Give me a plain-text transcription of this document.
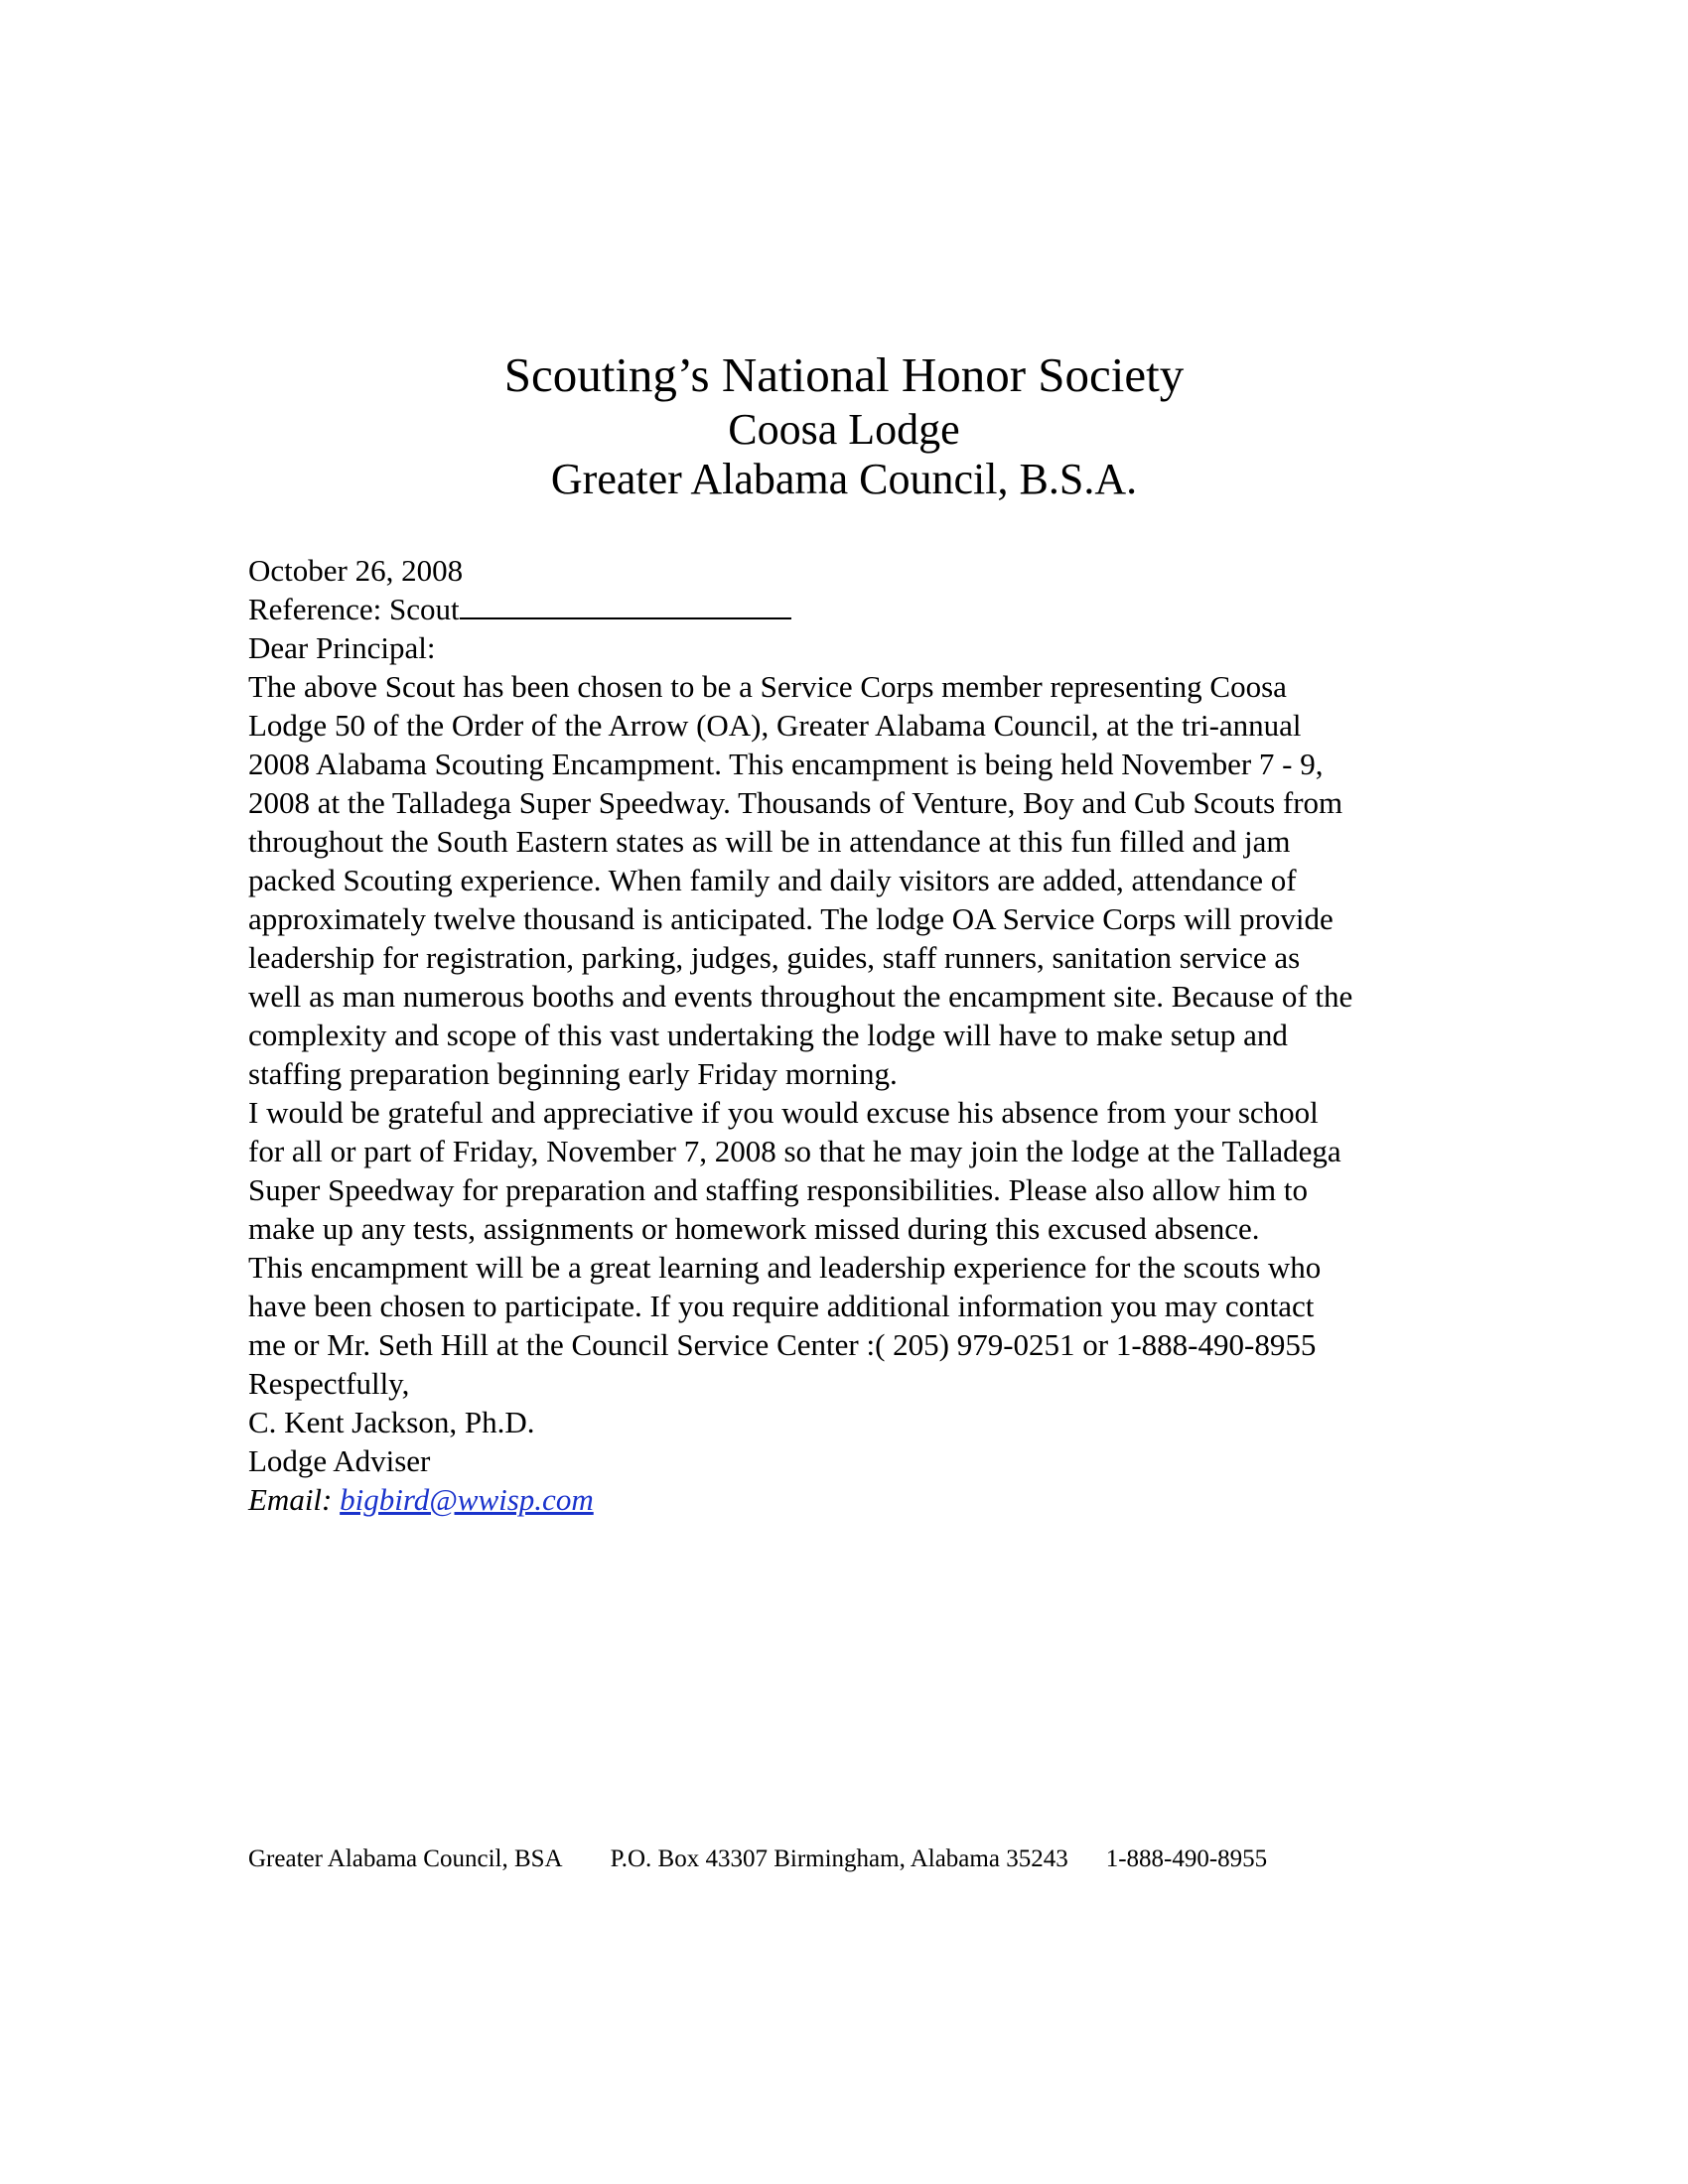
Scouting’s National Honor Society
Coosa Lodge
Greater Alabama Council, B.S.A.

October 26, 2008

Reference: Scout

Dear Principal:

The above Scout has been chosen to be a Service Corps member representing Coosa
Lodge 50 of the Order of the Arrow (OA), Greater Alabama Council, at the tri-annual
2008 Alabama Scouting Encampment. This encampment is being held November 7 - 9,
2008 at the Talladega Super Speedway. Thousands of Venture, Boy and Cub Scouts from
throughout the South Eastern states as will be in attendance at this fun filled and jam
packed Scouting experience. When family and daily visitors are added, attendance of
approximately twelve thousand is anticipated. The lodge OA Service Corps will provide
leadership for registration, parking, judges, guides, staff runners, sanitation service as
well as man numerous booths and events throughout the encampment site. Because of the
complexity and scope of this vast undertaking the lodge will have to make setup and
staffing preparation beginning early Friday morning.

I would be grateful and appreciative if you would excuse his absence from your school
for all or part of Friday, November 7, 2008 so that he may join the lodge at the Talladega
Super Speedway for preparation and staffing responsibilities. Please also allow him to
make up any tests, assignments or homework missed during this excused absence.

This encampment will be a great learning and leadership experience for the scouts who
have been chosen to participate. If you require additional information you may contact
me or Mr. Seth Hill at the Council Service Center :( 205) 979-0251 or 1-888-490-8955

Respectfully,

C. Kent Jackson, Ph.D.

Lodge Adviser

Email: bigbird@wwisp.com

Greater Alabama Council, BSA P.O. Box 43307 Birmingham, Alabama 35243 1-888-490-8955
